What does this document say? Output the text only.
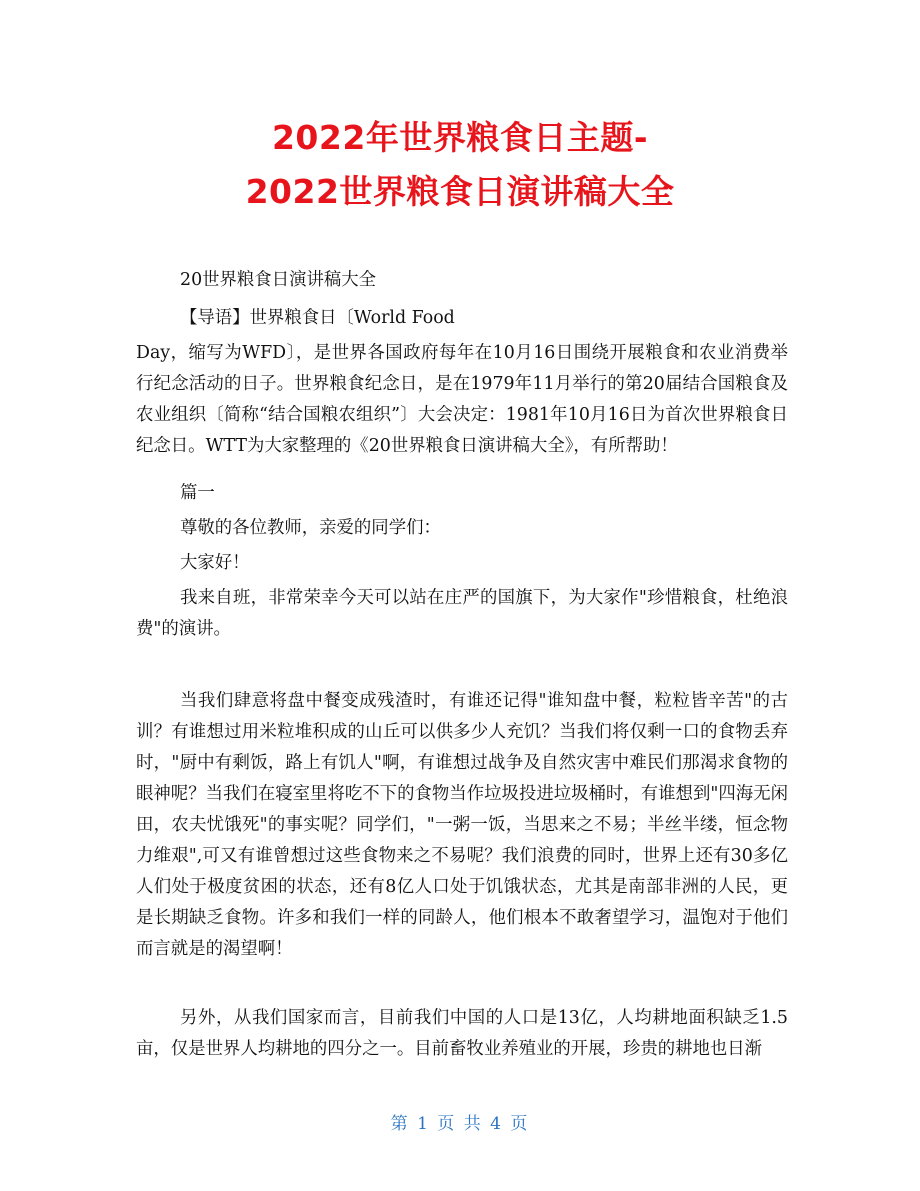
2022年世界粮食日主题-
2022世界粮食日演讲稿大全

20世界粮食日演讲稿大全

【导语】世界粮食日〔World Food

Day，缩写为WFD〕，是世界各国政府每年在10月16日围绕开展粮食和农业消费举行纪念活动的日子。世界粮食纪念日，是在1979年11月举行的第20届结合国粮食及农业组织〔简称“结合国粮农组织”〕大会决定：1981年10月16日为首次世界粮食日纪念日。WTT为大家整理的《20世界粮食日演讲稿大全》，有所帮助！

篇一

尊敬的各位教师，亲爱的同学们：

大家好！

我来自班，非常荣幸今天可以站在庄严的国旗下，为大家作"珍惜粮食，杜绝浪费"的演讲。

当我们肆意将盘中餐变成残渣时，有谁还记得"谁知盘中餐，粒粒皆辛苦"的古训？有谁想过用米粒堆积成的山丘可以供多少人充饥？当我们将仅剩一口的食物丢弃时，"厨中有剩饭，路上有饥人"啊，有谁想过战争及自然灾害中难民们那渴求食物的眼神呢？当我们在寝室里将吃不下的食物当作垃圾投进垃圾桶时，有谁想到"四海无闲田，农夫忧饿死"的事实呢？同学们，"一粥一饭，当思来之不易；半丝半缕，恒念物力维艰",可又有谁曾想过这些食物来之不易呢？我们浪费的同时，世界上还有30多亿人们处于极度贫困的状态，还有8亿人口处于饥饿状态，尤其是南部非洲的人民，更是长期缺乏食物。许多和我们一样的同龄人，他们根本不敢奢望学习，温饱对于他们而言就是的渴望啊！

另外，从我们国家而言，目前我们中国的人口是13亿，人均耕地面积缺乏1.5亩，仅是世界人均耕地的四分之一。目前畜牧业养殖业的开展，珍贵的耕地也日渐

第 1 页 共 4 页
